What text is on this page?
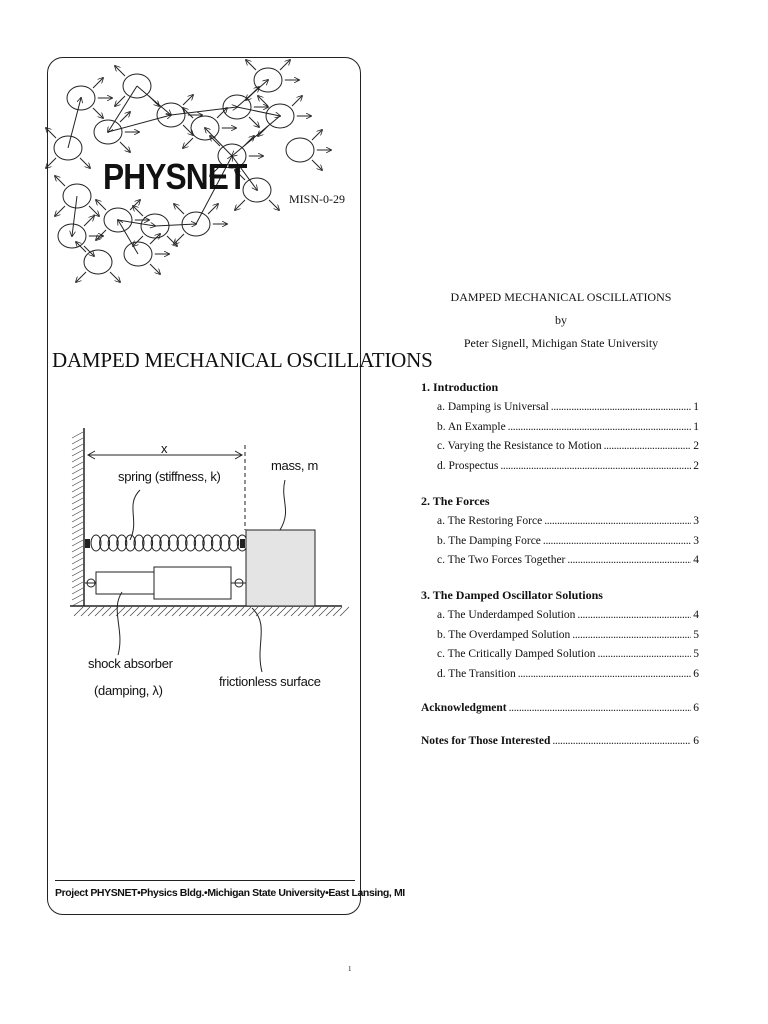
PHYSNET
MISN-0-29
DAMPED MECHANICAL OSCILLATIONS
x
spring (stiffness, k)
mass, m
shock absorber
(damping, λ)
frictionless surface
Project PHYSNET•Physics Bldg.•Michigan State University•East Lansing, MI
DAMPED MECHANICAL OSCILLATIONS
by
Peter Signell, Michigan State University
1. Introduction
a. Damping is Universal . . .	1
b. An Example . . .	1
c. Varying the Resistance to Motion . . .	2
d. Prospectus . . .	2
2. The Forces
a. The Restoring Force . . .	3
b. The Damping Force . . .	3
c. The Two Forces Together . . .	4
3. The Damped Oscillator Solutions
a. The Underdamped Solution . . .	4
b. The Overdamped Solution . . .	5
c. The Critically Damped Solution . . .	5
d. The Transition . . .	6
Acknowledgment . . .	6
Notes for Those Interested . . .	6
1
